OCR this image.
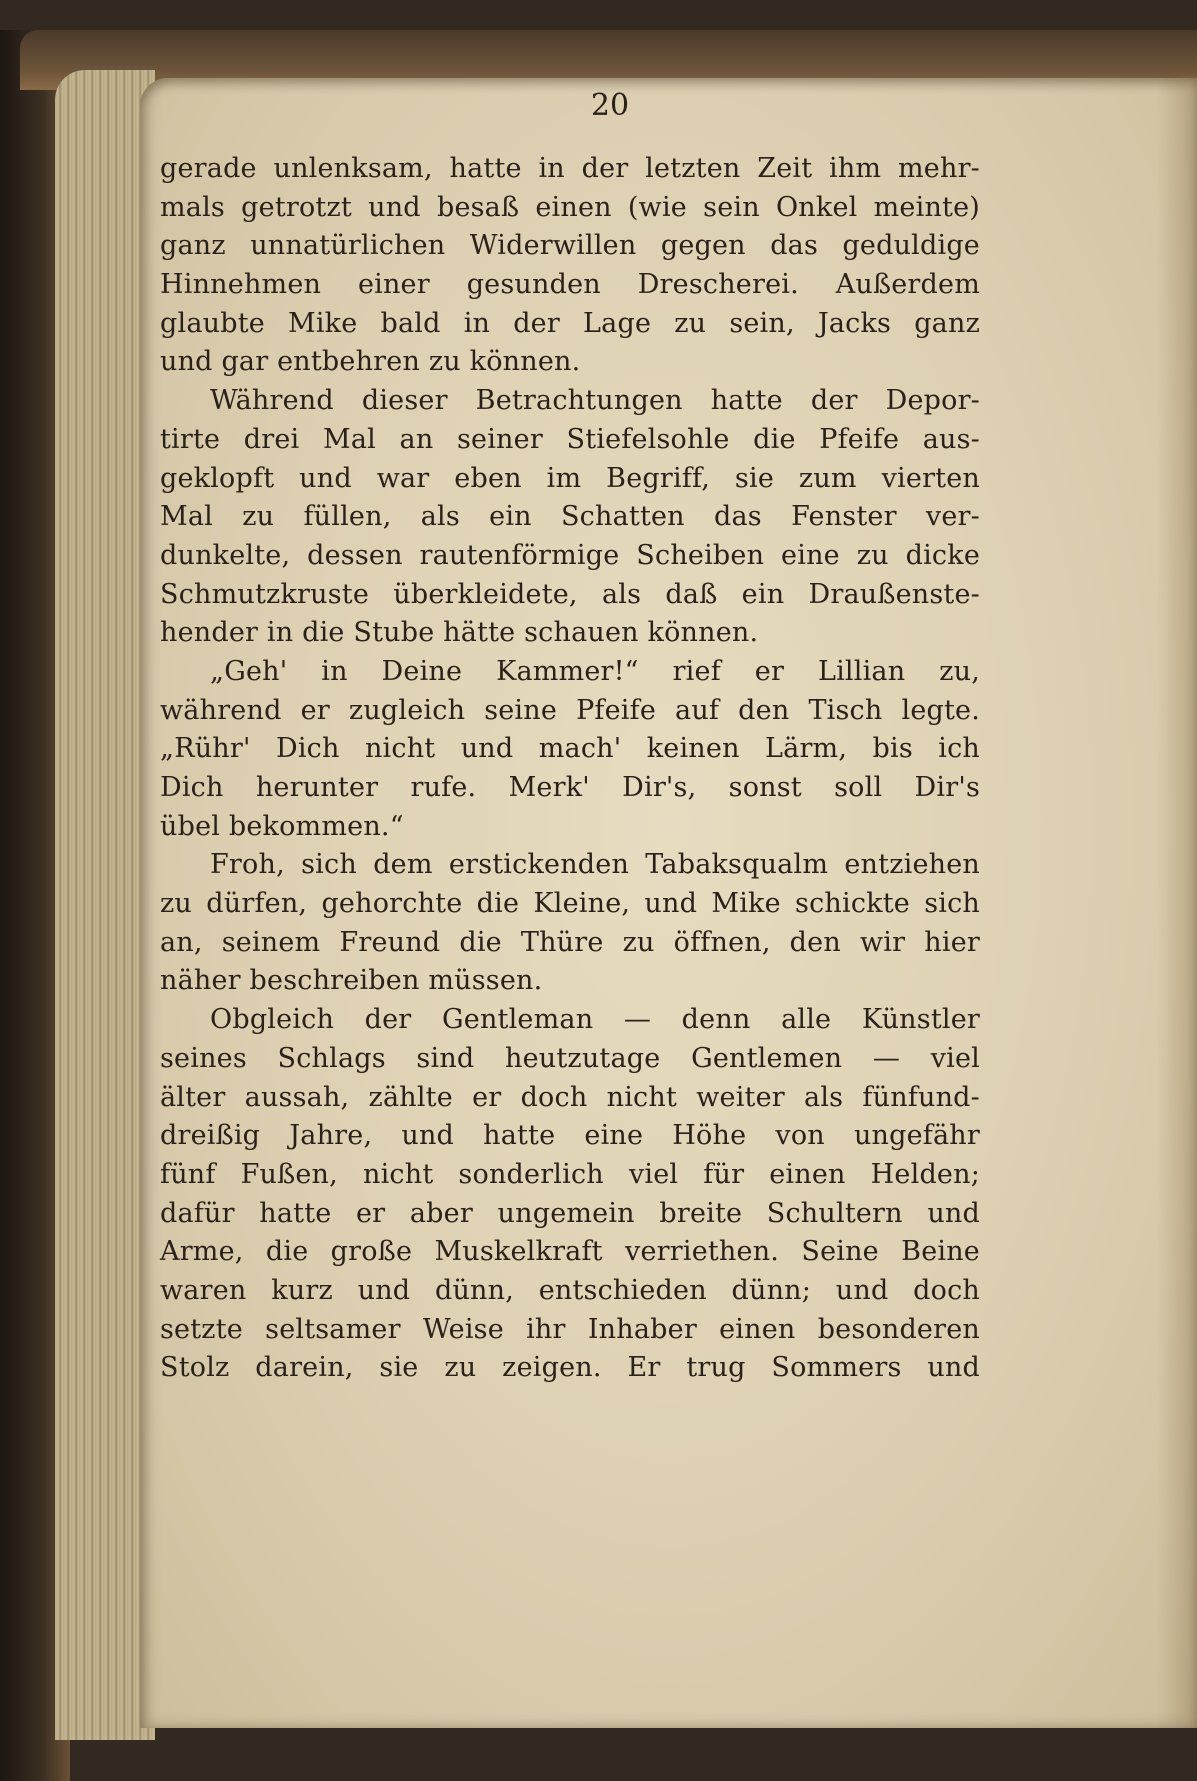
20
gerade unlenksam, hatte in der letzten Zeit ihm mehr-
mals getrotzt und besaß einen (wie sein Onkel meinte)
ganz unnatürlichen Widerwillen gegen das geduldige
Hinnehmen einer gesunden Drescherei. Außerdem
glaubte Mike bald in der Lage zu sein, Jacks ganz
und gar entbehren zu können.
Während dieser Betrachtungen hatte der Depor-
tirte drei Mal an seiner Stiefelsohle die Pfeife aus-
geklopft und war eben im Begriff, sie zum vierten
Mal zu füllen, als ein Schatten das Fenster ver-
dunkelte, dessen rautenförmige Scheiben eine zu dicke
Schmutzkruste überkleidete, als daß ein Draußenste-
hender in die Stube hätte schauen können.
„Geh' in Deine Kammer!“ rief er Lillian zu,
während er zugleich seine Pfeife auf den Tisch legte.
„Rühr' Dich nicht und mach' keinen Lärm, bis ich
Dich herunter rufe. Merk' Dir's, sonst soll Dir's
übel bekommen.“
Froh, sich dem erstickenden Tabaksqualm entziehen
zu dürfen, gehorchte die Kleine, und Mike schickte sich
an, seinem Freund die Thüre zu öffnen, den wir hier
näher beschreiben müssen.
Obgleich der Gentleman — denn alle Künstler
seines Schlags sind heutzutage Gentlemen — viel
älter aussah, zählte er doch nicht weiter als fünfund-
dreißig Jahre, und hatte eine Höhe von ungefähr
fünf Fußen, nicht sonderlich viel für einen Helden;
dafür hatte er aber ungemein breite Schultern und
Arme, die große Muskelkraft verriethen. Seine Beine
waren kurz und dünn, entschieden dünn; und doch
setzte seltsamer Weise ihr Inhaber einen besonderen
Stolz darein, sie zu zeigen. Er trug Sommers und
